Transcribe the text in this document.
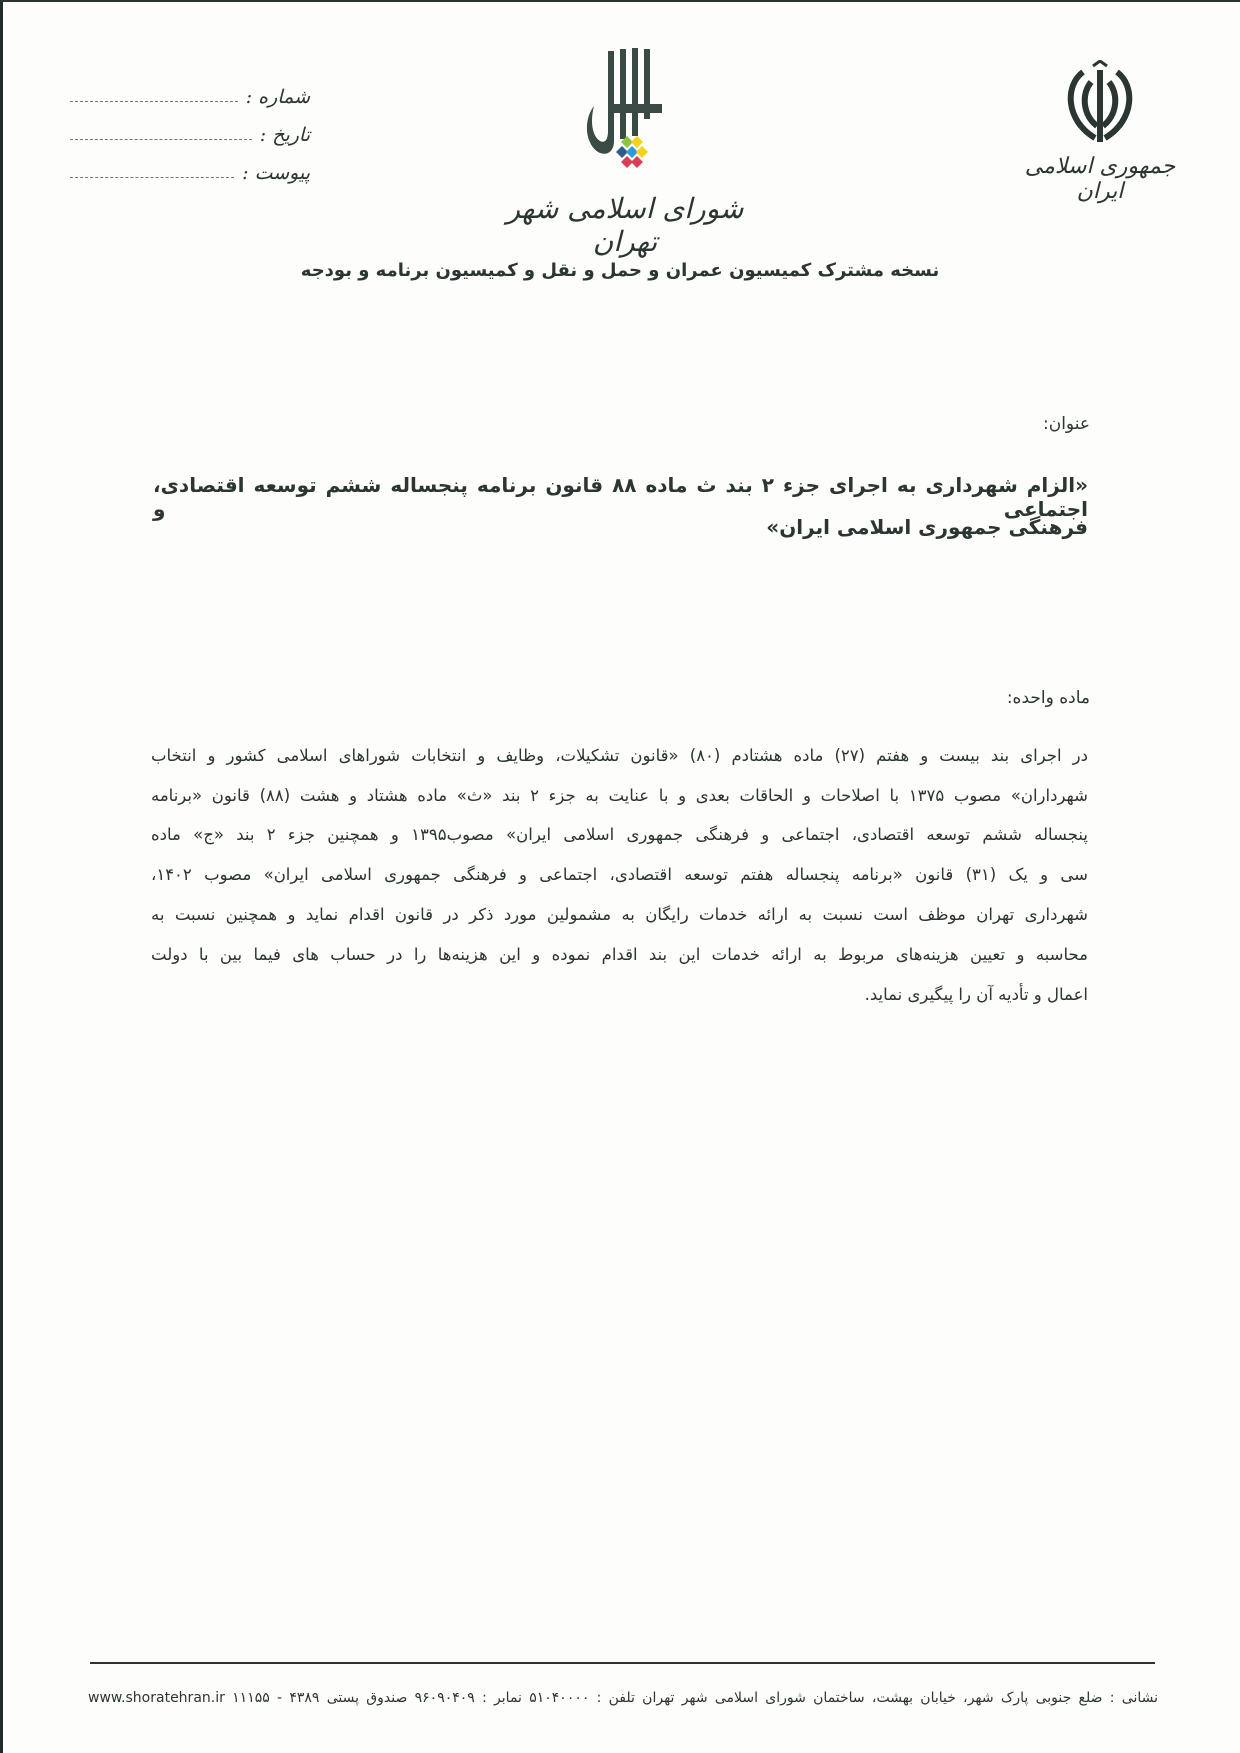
شماره :
تاریخ :
پیوست :
شورای اسلامی شهر تهران
جمهوری اسلامی ایران
نسخه مشترک کمیسیون عمران و حمل و نقل و کمیسیون برنامه و بودجه
عنوان:
«الزام شهرداری به اجرای جزء ۲ بند ث ماده ۸۸ قانون برنامه پنجساله ششم توسعه اقتصادی، اجتماعی و
فرهنگی جمهوری اسلامی ایران»
ماده واحده:
در اجرای بند بیست و هفتم (۲۷) ماده هشتادم (۸۰) «قانون تشکیلات، وظایف و انتخابات شوراهای اسلامی کشور و انتخاب
شهرداران» مصوب ۱۳۷۵ با اصلاحات و الحاقات بعدی و با عنایت به جزء ۲ بند «ث» ماده هشتاد و هشت (۸۸) قانون «برنامه
پنجساله ششم توسعه اقتصادی، اجتماعی و فرهنگی جمهوری اسلامی ایران» مصوب۱۳۹۵ و همچنین جزء ۲ بند «ج» ماده
سی و یک (۳۱) قانون «برنامه پنجساله هفتم توسعه اقتصادی، اجتماعی و فرهنگی جمهوری اسلامی ایران» مصوب ۱۴۰۲،
شهرداری تهران موظف است نسبت به ارائه خدمات رایگان به مشمولین مورد ذکر در قانون اقدام نماید و همچنین نسبت به
محاسبه و تعیین هزینه‌های مربوط به ارائه خدمات این بند اقدام نموده و این هزینه‌ها را در حساب های فیما بین با دولت
اعمال و تأدیه آن را پیگیری نماید.
نشانی : ضلع جنوبی پارک شهر، خیابان بهشت، ساختمان شورای اسلامی شهر تهران تلفن : ۵۱۰۴۰۰۰۰ نمابر : ۹۶۰۹۰۴۰۹ صندوق پستی ۴۳۸۹ - ۱۱۱۵۵ www.shoratehran.ir
